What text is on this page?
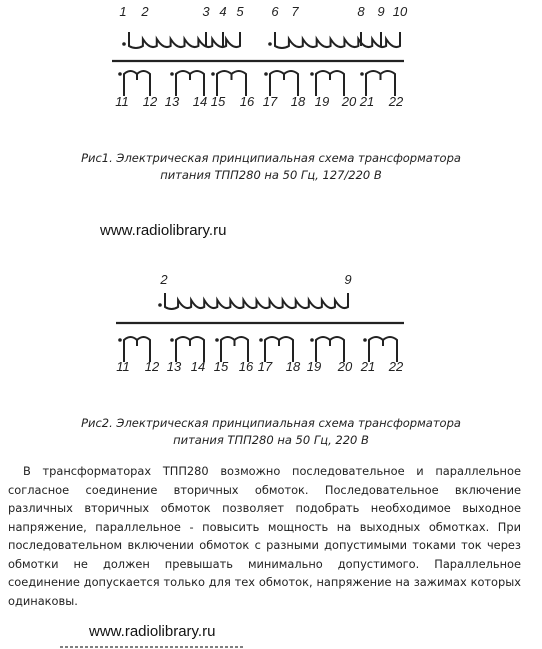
1 2	3 4 5 6 7	8 9 10
11 12 13 14 15 16 17 18 19 20 21 22
Рис1. Электрическая принципиальная схема трансформатора
питания ТПП280 на 50 Гц, 127/220 В
www.radiolibrary.ru
2	9
11 12 13 14 15 16 17 18 19 20 21 22
Рис2. Электрическая принципиальная схема трансформатора
питания ТПП280 на 50 Гц, 220 В
В трансформаторах ТПП280 возможно последовательное и параллельное согласное соединение вторичных обмоток. Последовательное включение различных вторичных обмоток позволяет подобрать необходимое выходное напряжение, параллельное - повысить мощность на выходных обмотках. При последовательном включении обмоток с разными допустимыми токами ток через обмотки не должен превышать минимально допустимого. Параллельное соединение допускается только для тех обмоток, напряжение на зажимах которых одинаковы.
www.radiolibrary.ru
